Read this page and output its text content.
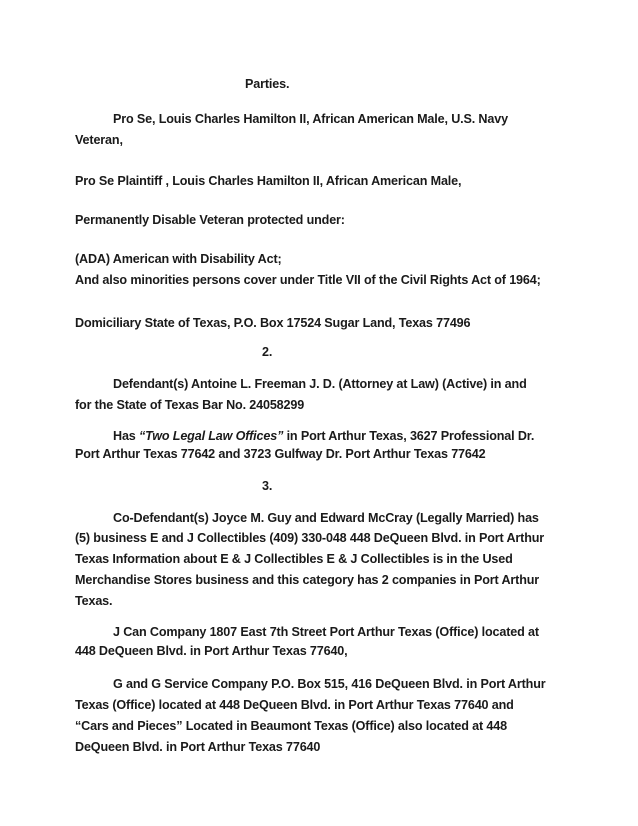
Parties.
Pro Se, Louis Charles Hamilton II, African American Male, U.S. Navy
Veteran,
Pro Se Plaintiff , Louis Charles Hamilton II, African American Male,
Permanently Disable Veteran protected under:
(ADA) American with Disability Act;
And also minorities persons cover under Title VII of the Civil Rights Act of 1964;
Domiciliary State of Texas, P.O. Box 17524 Sugar Land, Texas 77496
2.
Defendant(s) Antoine L. Freeman J. D. (Attorney at Law) (Active) in and
for the State of Texas Bar No. 24058299
Has “Two Legal Law Offices” in Port Arthur Texas, 3627 Professional Dr.
Port Arthur Texas 77642 and 3723 Gulfway Dr. Port Arthur Texas 77642
3.
Co-Defendant(s) Joyce M. Guy and Edward McCray (Legally Married) has
(5) business E and J Collectibles (409) 330-048 448 DeQueen Blvd. in Port Arthur
Texas Information about E & J Collectibles E & J Collectibles is in the Used
Merchandise Stores business and this category has 2 companies in Port Arthur
Texas.
J Can Company 1807 East 7th Street Port Arthur Texas (Office) located at
448 DeQueen Blvd. in Port Arthur Texas 77640,
G and G Service Company P.O. Box 515, 416 DeQueen Blvd. in Port Arthur
Texas (Office) located at 448 DeQueen Blvd. in Port Arthur Texas 77640 and
“Cars and Pieces” Located in Beaumont Texas (Office) also located at 448
DeQueen Blvd. in Port Arthur Texas 77640
